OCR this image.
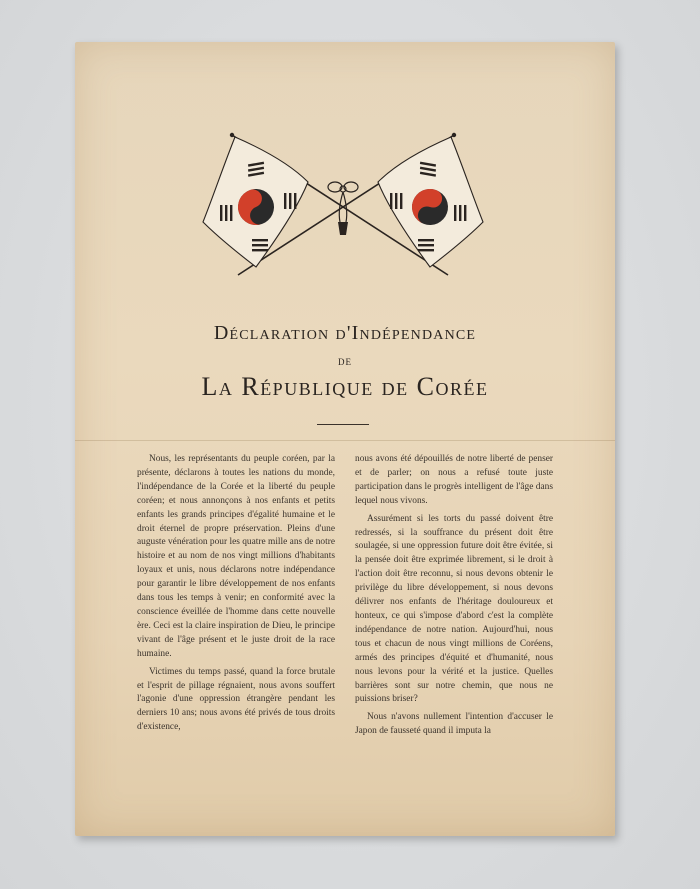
Déclaration d'Indépendance
DE
La République de Corée

Nous, les représentants du peuple coréen, par la présente, déclarons à toutes les nations du monde, l'indépendance de la Corée et la liberté du peuple coréen; et nous annonçons à nos enfants et petits enfants les grands principes d'égalité humaine et le droit éternel de propre préservation. Pleins d'une auguste vénération pour les quatre mille ans de notre histoire et au nom de nos vingt millions d'habitants loyaux et unis, nous déclarons notre indépendance pour garantir le libre développement de nos enfants dans tous les temps à venir; en conformité avec la conscience éveillée de l'homme dans cette nouvelle ère. Ceci est la claire inspiration de Dieu, le principe vivant de l'âge présent et le juste droit de la race humaine.

Victimes du temps passé, quand la force brutale et l'esprit de pillage régnaient, nous avons souffert l'agonie d'une oppression étrangère pendant les derniers 10 ans; nous avons été privés de tous droits d'existence,

nous avons été dépouillés de notre liberté de penser et de parler; on nous a refusé toute juste participation dans le progrès intelligent de l'âge dans lequel nous vivons.

Assurément si les torts du passé doivent être redressés, si la souffrance du présent doit être soulagée, si une oppression future doit être évitée, si la pensée doit être exprimée librement, si le droit à l'action doit être reconnu, si nous devons obtenir le privilège du libre développement, si nous devons délivrer nos enfants de l'héritage douloureux et honteux, ce qui s'impose d'abord c'est la complète indépendance de notre nation. Aujourd'hui, nous tous et chacun de nous vingt millions de Coréens, armés des principes d'équité et d'humanité, nous nous levons pour la vérité et la justice. Quelles barrières sont sur notre chemin, que nous ne puissions briser?

Nous n'avons nullement l'intention d'accuser le Japon de fausseté quand il imputa la
